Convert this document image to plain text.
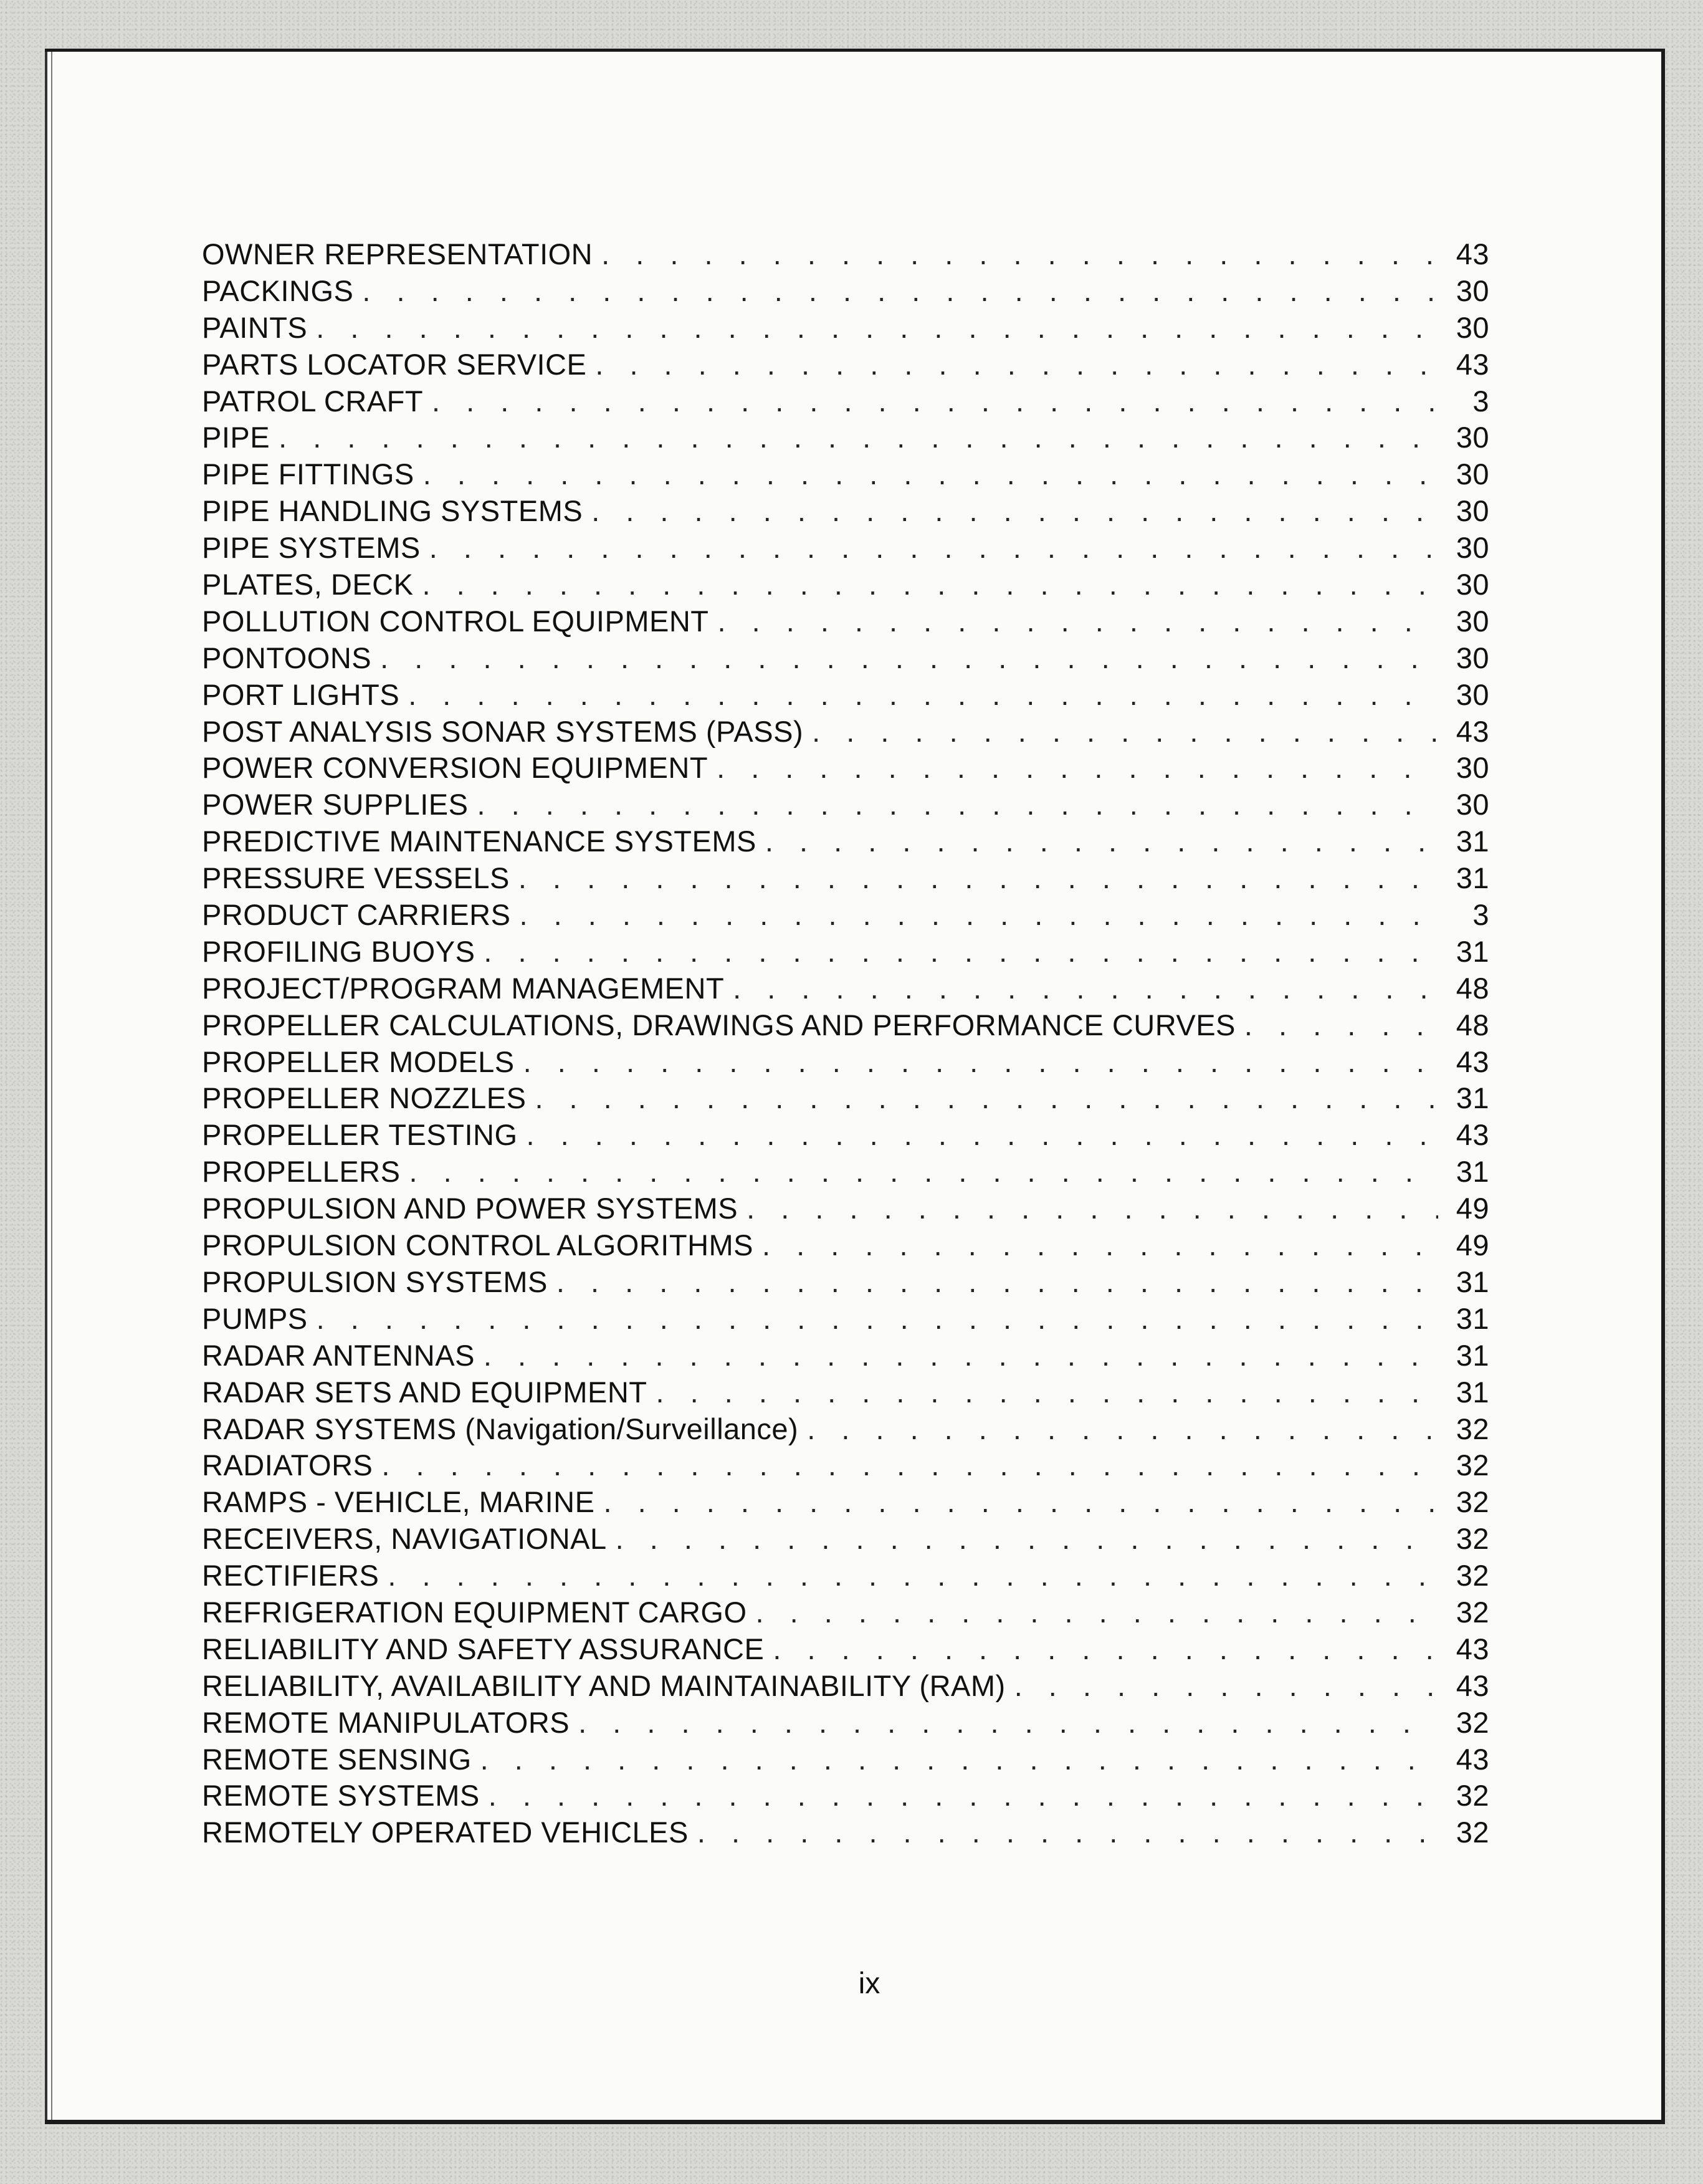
OWNER REPRESENTATION . . .	43
PACKINGS . . .	30
PAINTS . . .	30
PARTS LOCATOR SERVICE . . .	43
PATROL CRAFT . . .	3
PIPE . . .	30
PIPE FITTINGS . . .	30
PIPE HANDLING SYSTEMS . . .	30
PIPE SYSTEMS . . .	30
PLATES, DECK . . .	30
POLLUTION CONTROL EQUIPMENT . . .	30
PONTOONS . . .	30
PORT LIGHTS . . .	30
POST ANALYSIS SONAR SYSTEMS (PASS) . . .	43
POWER CONVERSION EQUIPMENT . . .	30
POWER SUPPLIES . . .	30
PREDICTIVE MAINTENANCE SYSTEMS . . .	31
PRESSURE VESSELS . . .	31
PRODUCT CARRIERS . . .	3
PROFILING BUOYS . . .	31
PROJECT/PROGRAM MANAGEMENT . . .	48
PROPELLER CALCULATIONS, DRAWINGS AND PERFORMANCE CURVES . . .	48
PROPELLER MODELS . . .	43
PROPELLER NOZZLES . . .	31
PROPELLER TESTING . . .	43
PROPELLERS . . .	31
PROPULSION AND POWER SYSTEMS . . .	49
PROPULSION CONTROL ALGORITHMS . . .	49
PROPULSION SYSTEMS . . .	31
PUMPS . . .	31
RADAR ANTENNAS . . .	31
RADAR SETS AND EQUIPMENT . . .	31
RADAR SYSTEMS (Navigation/Surveillance) . . .	32
RADIATORS . . .	32
RAMPS - VEHICLE, MARINE . . .	32
RECEIVERS, NAVIGATIONAL . . .	32
RECTIFIERS . . .	32
REFRIGERATION EQUIPMENT CARGO . . .	32
RELIABILITY AND SAFETY ASSURANCE . . .	43
RELIABILITY, AVAILABILITY AND MAINTAINABILITY (RAM) . . .	43
REMOTE MANIPULATORS . . .	32
REMOTE SENSING . . .	43
REMOTE SYSTEMS . . .	32
REMOTELY OPERATED VEHICLES . . .	32
ix
